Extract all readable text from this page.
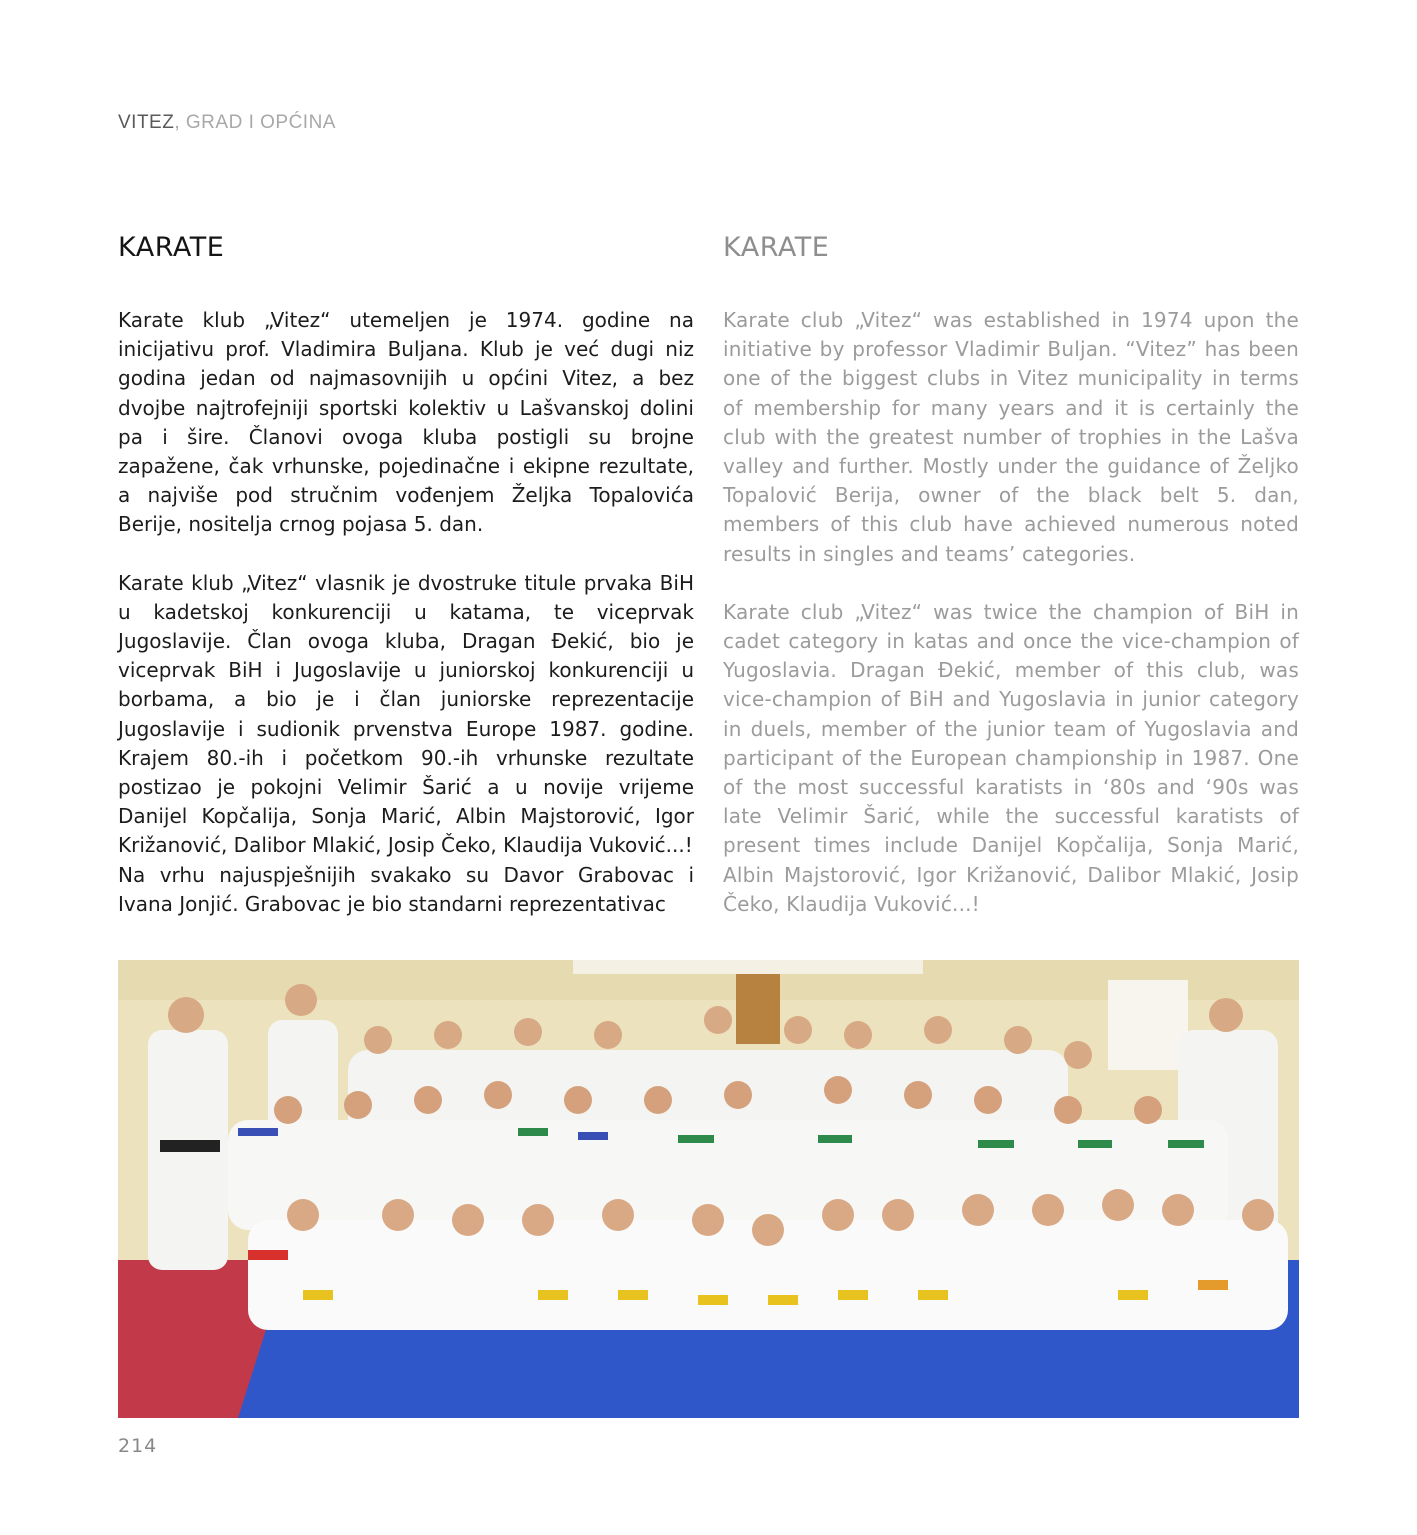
VITEZ, GRAD I OPĆINA
KARATE

Karate klub „Vitez“ utemeljen je 1974. godine na inicijativu prof. Vladimira Buljana. Klub je već dugi niz godina jedan od najmasovnijih u općini Vitez, a bez dvojbe najtrofejniji sportski kolektiv u Lašvanskoj dolini pa i šire. Članovi ovoga kluba postigli su brojne zapažene, čak vrhunske, pojedinačne i ekipne rezultate, a najviše pod stručnim vođenjem Željka Topalovića Berije, nositelja crnog pojasa 5. dan.

Karate klub „Vitez“ vlasnik je dvostruke titule prvaka BiH u kadetskoj konkurenciji u katama, te viceprvak Jugoslavije. Član ovoga kluba, Dragan Đekić, bio je viceprvak BiH i Jugoslavije u juniorskoj konkurenciji u borbama, a bio je i član juniorske reprezentacije Jugoslavije i sudionik prvenstva Europe 1987. godine. Krajem 80.-ih i početkom 90.-ih vrhunske rezultate postizao je pokojni Velimir Šarić a u novije vrijeme Danijel Kopčalija, Sonja Marić, Albin Majstorović, Igor Križanović, Dalibor Mlakić, Josip Čeko, Klaudija Vuković...!

Na vrhu najuspješnijih svakako su Davor Grabovac i Ivana Jonjić. Grabovac je bio standarni reprezentativac

KARATE

Karate club „Vitez“ was established in 1974 upon the initiative by professor Vladimir Buljan. “Vitez” has been one of the biggest clubs in Vitez municipality in terms of membership for many years and it is certainly the club with the greatest number of trophies in the Lašva valley and further. Mostly under the guidance of Željko Topalović Berija, owner of the black belt 5. dan, members of this club have achieved numerous noted results in singles and teams’ categories.

Karate club „Vitez“ was twice the champion of BiH in cadet category in katas and once the vice-champion of Yugoslavia. Dragan Đekić, member of this club, was vice-champion of BiH and Yugoslavia in junior category in duels, member of the junior team of Yugoslavia and participant of the European championship in 1987. One of the most successful karatists in ‘80s and ‘90s was late Velimir Šarić, while the successful karatists of present times include Danijel Kopčalija, Sonja Marić, Albin Majstorović, Igor Križanović, Dalibor Mlakić, Josip Čeko, Klaudija Vuković...!

214
